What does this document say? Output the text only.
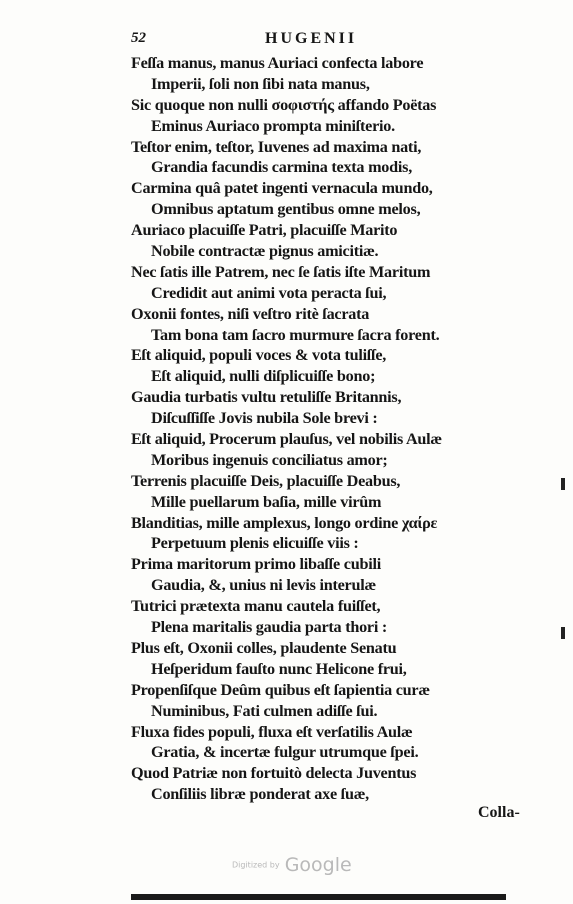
52	HUGENII
Feſſa manus, manus Auriaci confecta labore
Imperii, ſoli non ſibi nata manus,
Sic quoque non nulli σοφιστής affando Poëtas
Eminus Auriaco prompta miniſterio.
Teſtor enim, teſtor, Iuvenes ad maxima nati,
Grandia facundis carmina texta modis,
Carmina quâ patet ingenti vernacula mundo,
Omnibus aptatum gentibus omne melos,
Auriaco placuiſſe Patri, placuiſſe Marito
Nobile contractæ pignus amicitiæ.
Nec ſatis ille Patrem, nec ſe ſatis iſte Maritum
Credidit aut animi vota peracta ſui,
Oxonii fontes, niſi veſtro ritè ſacrata
Tam bona tam ſacro murmure ſacra forent.
Eſt aliquid, populi voces & vota tuliſſe,
Eſt aliquid, nulli diſplicuiſſe bono;
Gaudia turbatis vultu retuliſſe Britannis,
Diſcuſſiſſe Jovis nubila Sole brevi :
Eſt aliquid, Procerum plauſus, vel nobilis Aulæ
Moribus ingenuis conciliatus amor;
Terrenis placuiſſe Deis, placuiſſe Deabus,
Mille puellarum baſia, mille virûm
Blanditias, mille amplexus, longo ordine χαίρε
Perpetuum plenis elicuiſſe viis :
Prima maritorum primo libaſſe cubili
Gaudia, &, unius ni levis interulæ
Tutrici prætexta manu cautela fuiſſet,
Plena maritalis gaudia parta thori :
Plus eſt, Oxonii colles, plaudente Senatu
Heſperidum fauſto nunc Helicone frui,
Propenſiſque Deûm quibus eſt ſapientia curæ
Numinibus, Fati culmen adiſſe ſui.
Fluxa fides populi, fluxa eſt verſatilis Aulæ
Gratia, & incertæ fulgur utrumque ſpei.
Quod Patriæ non fortuitò delecta Juventus
Conſiliis libræ ponderat axe ſuæ,
Colla-
Digitized by Google
